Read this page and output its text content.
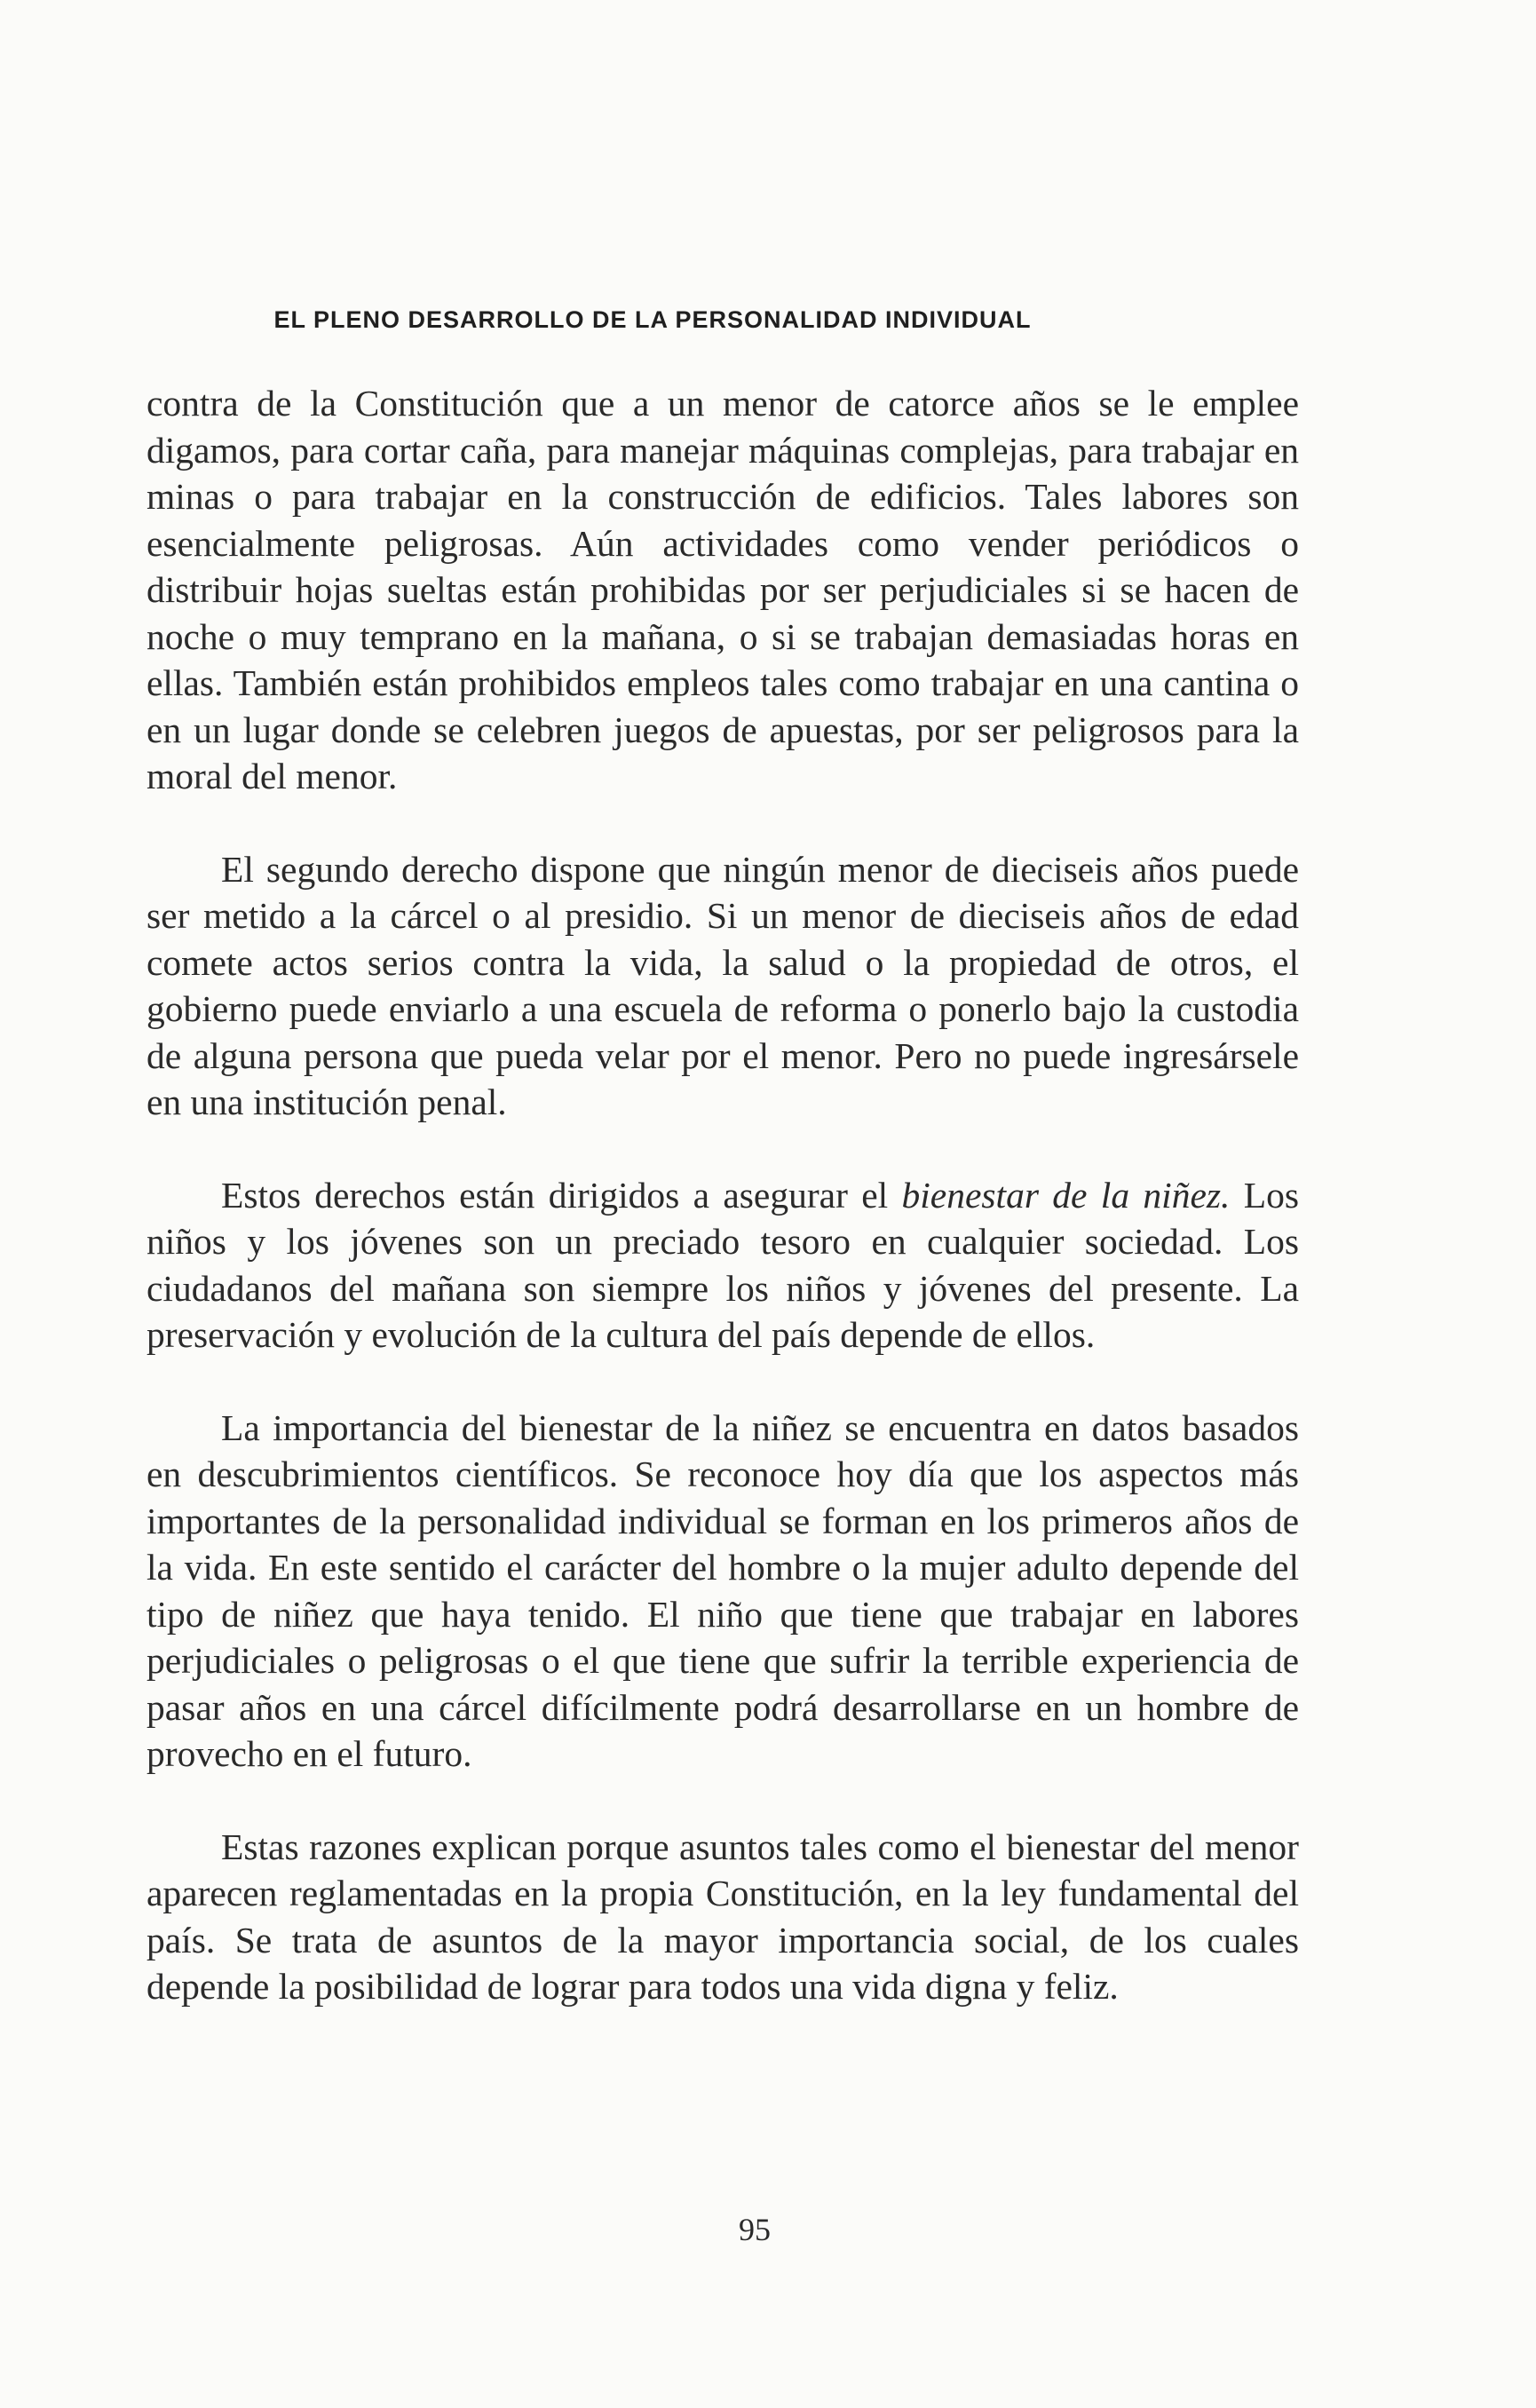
EL PLENO DESARROLLO DE LA PERSONALIDAD INDIVIDUAL

contra de la Constitución que a un menor de catorce años se le emplee digamos, para cortar caña, para manejar máquinas complejas, para trabajar en minas o para trabajar en la construcción de edificios. Tales labores son esencialmente peligrosas. Aún actividades como vender periódicos o distribuir hojas sueltas están prohibidas por ser perjudiciales si se hacen de noche o muy temprano en la mañana, o si se trabajan demasiadas horas en ellas. También están prohibidos empleos tales como trabajar en una cantina o en un lugar donde se celebren juegos de apuestas, por ser peligrosos para la moral del menor.

El segundo derecho dispone que ningún menor de dieciseis años puede ser metido a la cárcel o al presidio. Si un menor de dieciseis años de edad comete actos serios contra la vida, la salud o la propiedad de otros, el gobierno puede enviarlo a una escuela de reforma o ponerlo bajo la custodia de alguna persona que pueda velar por el menor. Pero no puede ingresársele en una institución penal.

Estos derechos están dirigidos a asegurar el bienestar de la niñez. Los niños y los jóvenes son un preciado tesoro en cualquier sociedad. Los ciudadanos del mañana son siempre los niños y jóvenes del presente. La preservación y evolución de la cultura del país depende de ellos.

La importancia del bienestar de la niñez se encuentra en datos basados en descubrimientos científicos. Se reconoce hoy día que los aspectos más importantes de la personalidad individual se forman en los primeros años de la vida. En este sentido el carácter del hombre o la mujer adulto depende del tipo de niñez que haya tenido. El niño que tiene que trabajar en labores perjudiciales o peligrosas o el que tiene que sufrir la terrible experiencia de pasar años en una cárcel difícilmente podrá desarrollarse en un hombre de provecho en el futuro.

Estas razones explican porque asuntos tales como el bienestar del menor aparecen reglamentadas en la propia Constitución, en la ley fundamental del país. Se trata de asuntos de la mayor importancia social, de los cuales depende la posibilidad de lograr para todos una vida digna y feliz.

95
